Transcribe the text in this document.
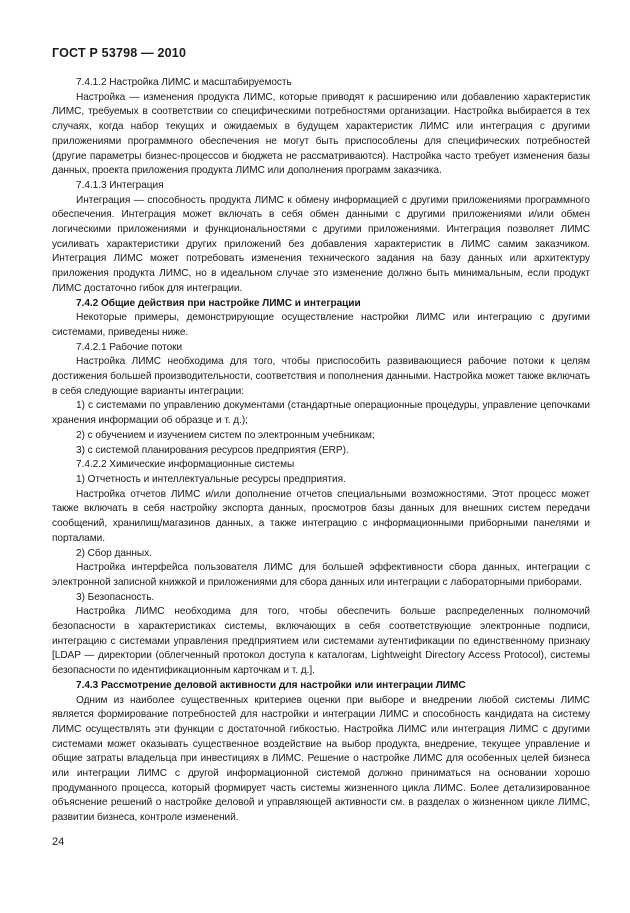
ГОСТ Р 53798 — 2010

7.4.1.2 Настройка ЛИМС и масштабируемость

Настройка — изменения продукта ЛИМС, которые приводят к расширению или добавлению характеристик ЛИМС, требуемых в соответствии со специфическими потребностями организации. Настройка выбирается в тех случаях, когда набор текущих и ожидаемых в будущем характеристик ЛИМС или интеграция с другими приложениями программного обеспечения не могут быть приспособлены для специфических потребностей (другие параметры бизнес-процессов и бюджета не рассматриваются). Настройка часто требует изменения базы данных, проекта приложения продукта ЛИМС или дополнения программ заказчика.

7.4.1.3 Интеграция

Интеграция — способность продукта ЛИМС к обмену информацией с другими приложениями программного обеспечения. Интеграция может включать в себя обмен данными с другими приложениями и/или обмен логическими приложениями и функциональностями с другими приложениями. Интеграция позволяет ЛИМС усиливать характеристики других приложений без добавления характеристик в ЛИМС самим заказчиком. Интеграция ЛИМС может потребовать изменения технического задания на базу данных или архитектуру приложения продукта ЛИМС, но в идеальном случае это изменение должно быть минимальным, если продукт ЛИМС достаточно гибок для интеграции.

7.4.2 Общие действия при настройке ЛИМС и интеграции

Некоторые примеры, демонстрирующие осуществление настройки ЛИМС или интеграцию с другими системами, приведены ниже.

7.4.2.1 Рабочие потоки

Настройка ЛИМС необходима для того, чтобы приспособить развивающиеся рабочие потоки к целям достижения большей производительности, соответствия и пополнения данными. Настройка может также включать в себя следующие варианты интеграции:

1) с системами по управлению документами (стандартные операционные процедуры, управление цепочками хранения информации об образце и т. д.);

2) с обучением и изучением систем по электронным учебникам;

3) с системой планирования ресурсов предприятия (ERP).

7.4.2.2 Химические информационные системы

1) Отчетность и интеллектуальные ресурсы предприятия.

Настройка отчетов ЛИМС и/или дополнение отчетов специальными возможностями. Этот процесс может также включать в себя настройку экспорта данных, просмотров базы данных для внешних систем передачи сообщений, хранилищ/магазинов данных, а также интеграцию с информационными приборными панелями и порталами.

2) Сбор данных.

Настройка интерфейса пользователя ЛИМС для большей эффективности сбора данных, интеграции с электронной записной книжкой и приложениями для сбора данных или интеграции с лабораторными приборами.

3) Безопасность.

Настройка ЛИМС необходима для того, чтобы обеспечить больше распределенных полномочий безопасности в характеристиках системы, включающих в себя соответствующие электронные подписи, интеграцию с системами управления предприятием или системами аутентификации по единственному признаку [LDAP — директории (облегченный протокол доступа к каталогам, Lightweight Directory Access Protocol), системы безопасности по идентификационным карточкам и т. д.].

7.4.3 Рассмотрение деловой активности для настройки или интеграции ЛИМС

Одним из наиболее существенных критериев оценки при выборе и внедрении любой системы ЛИМС является формирование потребностей для настройки и интеграции ЛИМС и способность кандидата на систему ЛИМС осуществлять эти функции с достаточной гибкостью. Настройка ЛИМС или интеграция ЛИМС с другими системами может оказывать существенное воздействие на выбор продукта, внедрение, текущее управление и общие затраты владельца при инвестициях в ЛИМС. Решение о настройке ЛИМС для особенных целей бизнеса или интеграции ЛИМС с другой информационной системой должно приниматься на основании хорошо продуманного процесса, который формирует часть системы жизненного цикла ЛИМС. Более детализированное объяснение решений о настройке деловой и управляющей активности см. в разделах о жизненном цикле ЛИМС, развитии бизнеса, контроле изменений.

24
